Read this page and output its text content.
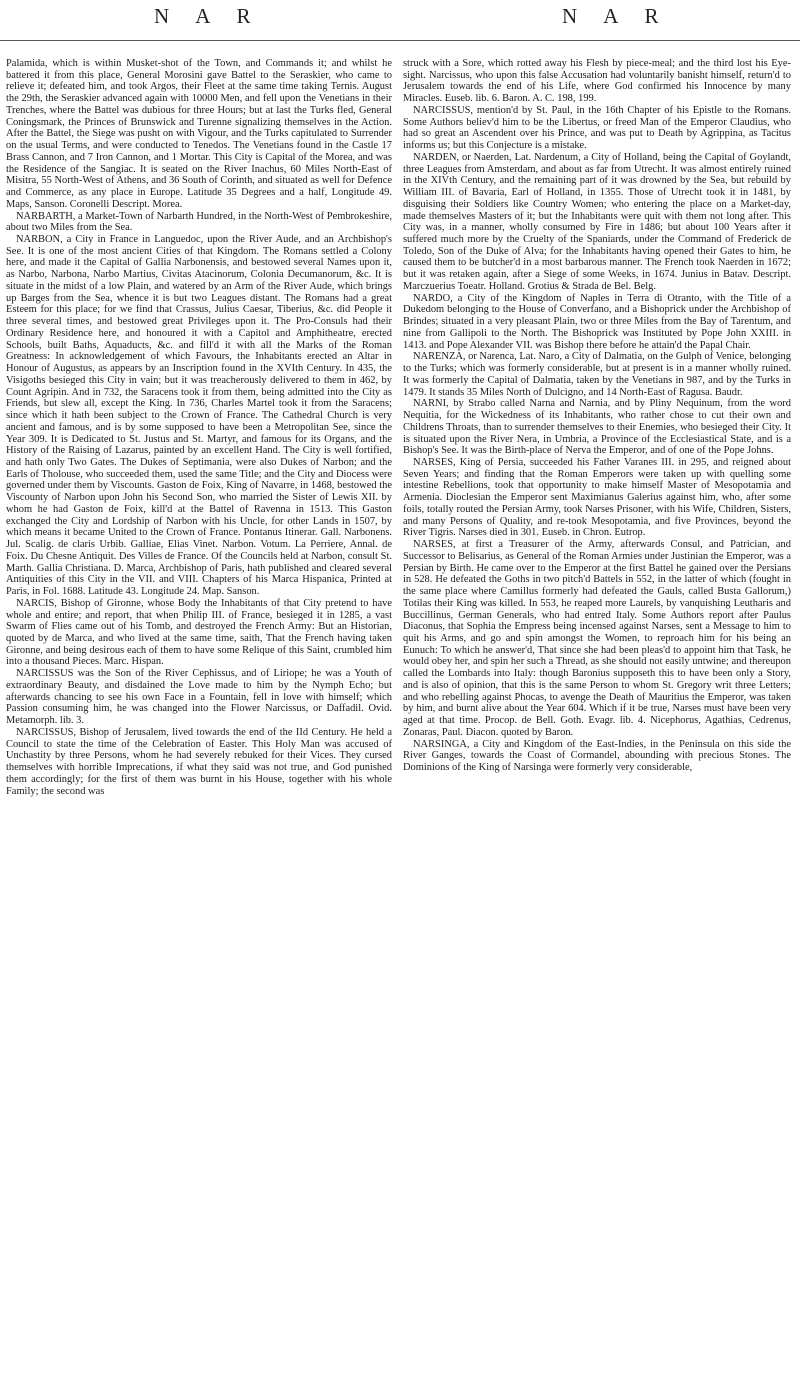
N A R	N A R

Palamida, which is within Musket-shot of the Town, and Commands it; and whilst he battered it from this place, General Morosini gave Battel to the Seraskier, who came to relieve it; defeated him, and took Argos, their Fleet at the same time taking Ternis. August the 29th, the Seraskier advanced again with 10000 Men, and fell upon the Venetians in their Trenches, where the Battel was dubious for three Hours; but at last the Turks fled, General Coningsmark, the Princes of Brunswick and Turenne signalizing themselves in the Action. After the Battel, the Siege was pusht on with Vigour, and the Turks capitulated to Surrender on the usual Terms, and were conducted to Tenedos. The Venetians found in the Castle 17 Brass Cannon, and 7 Iron Cannon, and 1 Mortar. This City is Capital of the Morea, and was the Residence of the Sangiac. It is seated on the River Inachus, 60 Miles North-East of Misitra, 55 North-West of Athens, and 36 South of Corinth, and situated as well for Defence and Commerce, as any place in Europe. Latitude 35 Degrees and a half, Longitude 49. Maps, Sanson. Coronelli Descript. Morea.

NARBARTH, a Market-Town of Narbarth Hundred, in the North-West of Pembrokeshire, about two Miles from the Sea.

NARBON, a City in France in Languedoc, upon the River Aude, and an Archbishop's See. It is one of the most ancient Cities of that Kingdom. The Romans settled a Colony here, and made it the Capital of Gallia Narbonensis, and bestowed several Names upon it, as Narbo, Narbona, Narbo Martius, Civitas Atacinorum, Colonia Decumanorum, &c. It is situate in the midst of a low Plain, and watered by an Arm of the River Aude, which brings up Barges from the Sea, whence it is but two Leagues distant. The Romans had a great Esteem for this place; for we find that Crassus, Julius Caesar, Tiberius, &c. did People it three several times, and bestowed great Privileges upon it. The Pro-Consuls had their Ordinary Residence here, and honoured it with a Capitol and Amphitheatre, erected Schools, built Baths, Aquaducts, &c. and fill'd it with all the Marks of the Roman Greatness: In acknowledgement of which Favours, the Inhabitants erected an Altar in Honour of Augustus, as appears by an Inscription found in the XVIth Century. In 435, the Visigoths besieged this City in vain; but it was treacherously delivered to them in 462, by Count Agripin. And in 732, the Saracens took it from them, being admitted into the City as Friends, but slew all, except the King. In 736, Charles Martel took it from the Saracens; since which it hath been subject to the Crown of France. The Cathedral Church is very ancient and famous, and is by some supposed to have been a Metropolitan See, since the Year 309. It is Dedicated to St. Justus and St. Martyr, and famous for its Organs, and the History of the Raising of Lazarus, painted by an excellent Hand. The City is well fortified, and hath only Two Gates. The Dukes of Septimania, were also Dukes of Narbon; and the Earls of Tholouse, who succeeded them, used the same Title; and the City and Diocess were governed under them by Viscounts. Gaston de Foix, King of Navarre, in 1468, bestowed the Viscounty of Narbon upon John his Second Son, who married the Sister of Lewis XII. by whom he had Gaston de Foix, kill'd at the Battel of Ravenna in 1513. This Gaston exchanged the City and Lordship of Narbon with his Uncle, for other Lands in 1507, by which means it became United to the Crown of France. Pontanus Itinerar. Gall. Narbonens. Jul. Scalig. de claris Urbib. Galliae, Elias Vinet. Narbon. Votum. La Perriere, Annal. de Foix. Du Chesne Antiquit. Des Villes de France. Of the Councils held at Narbon, consult St. Marth. Gallia Christiana. D. Marca, Archbishop of Paris, hath published and cleared several Antiquities of this City in the VII. and VIII. Chapters of his Marca Hispanica, Printed at Paris, in Fol. 1688. Latitude 43. Longitude 24. Map. Sanson.

NARCIS, Bishop of Gironne, whose Body the Inhabitants of that City pretend to have whole and entire; and report, that when Philip III. of France, besieged it in 1285, a vast Swarm of Flies came out of his Tomb, and destroyed the French Army: But an Historian, quoted by de Marca, and who lived at the same time, saith, That the French having taken Gironne, and being desirous each of them to have some Relique of this Saint, crumbled him into a thousand Pieces. Marc. Hispan.

NARCISSUS was the Son of the River Cephissus, and of Liriope; he was a Youth of extraordinary Beauty, and disdained the Love made to him by the Nymph Echo; but afterwards chancing to see his own Face in a Fountain, fell in love with himself; which Passion consuming him, he was changed into the Flower Narcissus, or Daffadil. Ovid. Metamorph. lib. 3.

NARCISSUS, Bishop of Jerusalem, lived towards the end of the IId Century. He held a Council to state the time of the Celebration of Easter. This Holy Man was accused of Unchastity by three Persons, whom he had severely rebuked for their Vices. They cursed themselves with horrible Imprecations, if what they said was not true, and God punished them accordingly; for the first of them was burnt in his House, together with his whole Family; the second was

struck with a Sore, which rotted away his Flesh by piece-meal; and the third lost his Eye-sight. Narcissus, who upon this false Accusation had voluntarily banisht himself, return'd to Jerusalem towards the end of his Life, where God confirmed his Innocence by many Miracles. Euseb. lib. 6. Baron. A. C. 198, 199.

NARCISSUS, mention'd by St. Paul, in the 16th Chapter of his Epistle to the Romans. Some Authors believ'd him to be the Libertus, or freed Man of the Emperor Claudius, who had so great an Ascendent over his Prince, and was put to Death by Agrippina, as Tacitus informs us; but this Conjecture is a mistake.

NARDEN, or Naerden, Lat. Nardenum, a City of Holland, being the Capital of Goylandt, three Leagues from Amsterdam, and about as far from Utrecht. It was almost entirely ruined in the XIVth Century, and the remaining part of it was drowned by the Sea, but rebuild by William III. of Bavaria, Earl of Holland, in 1355. Those of Utrecht took it in 1481, by disguising their Soldiers like Country Women; who entering the place on a Market-day, made themselves Masters of it; but the Inhabitants were quit with them not long after. This City was, in a manner, wholly consumed by Fire in 1486; but about 100 Years after it suffered much more by the Cruelty of the Spaniards, under the Command of Frederick de Toledo, Son of the Duke of Alva; for the Inhabitants having opened their Gates to him, he caused them to be butcher'd in a most barbarous manner. The French took Naerden in 1672; but it was retaken again, after a Siege of some Weeks, in 1674. Junius in Batav. Descript. Marczuerius Toeatr. Holland. Grotius & Strada de Bel. Belg.

NARDO, a City of the Kingdom of Naples in Terra di Otranto, with the Title of a Dukedom belonging to the House of Converfano, and a Bishoprick under the Archbishop of Brindes; situated in a very pleasant Plain, two or three Miles from the Bay of Tarentum, and nine from Gallipoli to the North. The Bishoprick was Instituted by Pope John XXIII. in 1413. and Pope Alexander VII. was Bishop there before he attain'd the Papal Chair.

NARENZA, or Narenca, Lat. Naro, a City of Dalmatia, on the Gulph of Venice, belonging to the Turks; which was formerly considerable, but at present is in a manner wholly ruined. It was formerly the Capital of Dalmatia, taken by the Venetians in 987, and by the Turks in 1479. It stands 35 Miles North of Dulcigno, and 14 North-East of Ragusa. Baudr.

NARNI, by Strabo called Narna and Narnia, and by Pliny Nequinum, from the word Nequitia, for the Wickedness of its Inhabitants, who rather chose to cut their own and Childrens Throats, than to surrender themselves to their Enemies, who besieged their City. It is situated upon the River Nera, in Umbria, a Province of the Ecclesiastical State, and is a Bishop's See. It was the Birth-place of Nerva the Emperor, and of one of the Pope Johns.

NARSES, King of Persia, succeeded his Father Varanes III. in 295, and reigned about Seven Years; and finding that the Roman Emperors were taken up with quelling some intestine Rebellions, took that opportunity to make himself Master of Mesopotamia and Armenia. Dioclesian the Emperor sent Maximianus Galerius against him, who, after some foils, totally routed the Persian Army, took Narses Prisoner, with his Wife, Children, Sisters, and many Persons of Quality, and re-took Mesopotamia, and five Provinces, beyond the River Tigris. Narses died in 301. Euseb. in Chron. Eutrop.

NARSES, at first a Treasurer of the Army, afterwards Consul, and Patrician, and Successor to Belisarius, as General of the Roman Armies under Justinian the Emperor, was a Persian by Birth. He came over to the Emperor at the first Battel he gained over the Persians in 528. He defeated the Goths in two pitch'd Battels in 552, in the latter of which (fought in the same place where Camillus formerly had defeated the Gauls, called Busta Gallorum,) Totilas their King was killed. In 553, he reaped more Laurels, by vanquishing Leutharis and Buccillinus, German Generals, who had entred Italy. Some Authors report after Paulus Diaconus, that Sophia the Empress being incensed against Narses, sent a Message to him to quit his Arms, and go and spin amongst the Women, to reproach him for his being an Eunuch: To which he answer'd, That since she had been pleas'd to appoint him that Task, he would obey her, and spin her such a Thread, as she should not easily untwine; and thereupon called the Lombards into Italy: though Baronius supposeth this to have been only a Story, and is also of opinion, that this is the same Person to whom St. Gregory writ three Letters; and who rebelling against Phocas, to avenge the Death of Mauritius the Emperor, was taken by him, and burnt alive about the Year 604. Which if it be true, Narses must have been very aged at that time. Procop. de Bell. Goth. Evagr. lib. 4. Nicephorus, Agathias, Cedrenus, Zonaras, Paul. Diacon. quoted by Baron.

NARSINGA, a City and Kingdom of the East-Indies, in the Peninsula on this side the River Ganges, towards the Coast of Cormandel, abounding with precious Stones. The Dominions of the King of Narsinga were formerly very considerable,
